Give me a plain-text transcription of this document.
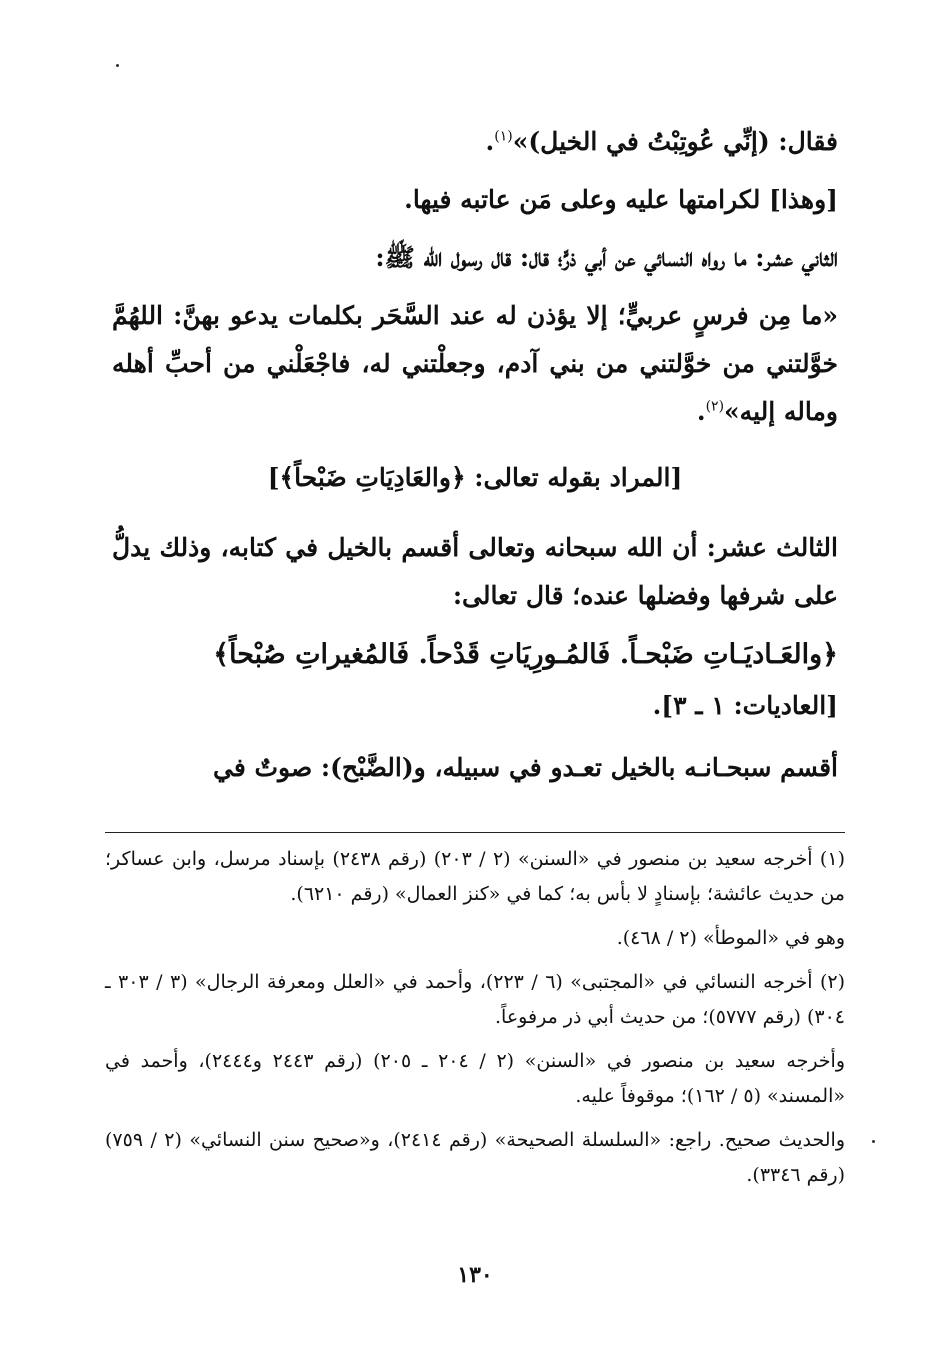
فقال: (إنِّي عُوتِبْتُ في الخيل)»$^{(١)}$.

[وهذا] لكرامتها عليه وعلى مَن عاتبه فيها.

الثاني عشر: ما رواه النسائي عن أبي ذرٍّ؛ قال: قال رسول الله ﷺ:

«ما مِن فرسٍ عربيٍّ؛ إلا يؤذن له عند السَّحَر بكلمات يدعو بهنَّ: اللهُمَّ خوَّلتني من خوَّلتني من بني آدم، وجعلْتني له، فاجْعَلْني من أحبِّ أهله وماله إليه»$^{(٢)}$.

[المراد بقوله تعالى: ﴿والعَادِيَاتِ ضَبْحاً﴾]

الثالث عشر: أن الله سبحانه وتعالى أقسم بالخيل في كتابه، وذلك يدلُّ على شرفها وفضلها عنده؛ قال تعالى:

﴿والعَـاديَـاتِ ضَبْحـاً. فَالمُـورِيَاتِ قَدْحاً. فَالمُغيراتِ صُبْحاً﴾

[العاديات: ١ ـ ٣].

أقسم سبحـانـه بالخيل تعـدو في سبيله، و(الضَّبْح): صوتٌ في

(١) أخرجه سعيد بن منصور في «السنن» (٢ / ٢٠٣) (رقم ٢٤٣٨) بإسناد مرسل، وابن عساكر؛ من حديث عائشة؛ بإسنادٍ لا بأس به؛ كما في «كنز العمال» (رقم ٦٢١٠).

وهو في «الموطأ» (٢ / ٤٦٨).

(٢) أخرجه النسائي في «المجتبى» (٦ / ٢٢٣)، وأحمد في «العلل ومعرفة الرجال» (٣ / ٣٠٣ ـ ٣٠٤) (رقم ٥٧٧٧)؛ من حديث أبي ذر مرفوعاً.

وأخرجه سعيد بن منصور في «السنن» (٢ / ٢٠٤ ـ ٢٠٥) (رقم ٢٤٤٣ و٢٤٤٤)، وأحمد في «المسند» (٥ / ١٦٢)؛ موقوفاً عليه.

والحديث صحيح. راجع: «السلسلة الصحيحة» (رقم ٢٤١٤)، و«صحيح سنن النسائي» (٢ / ٧٥٩) (رقم ٣٣٤٦).

١٣٠
